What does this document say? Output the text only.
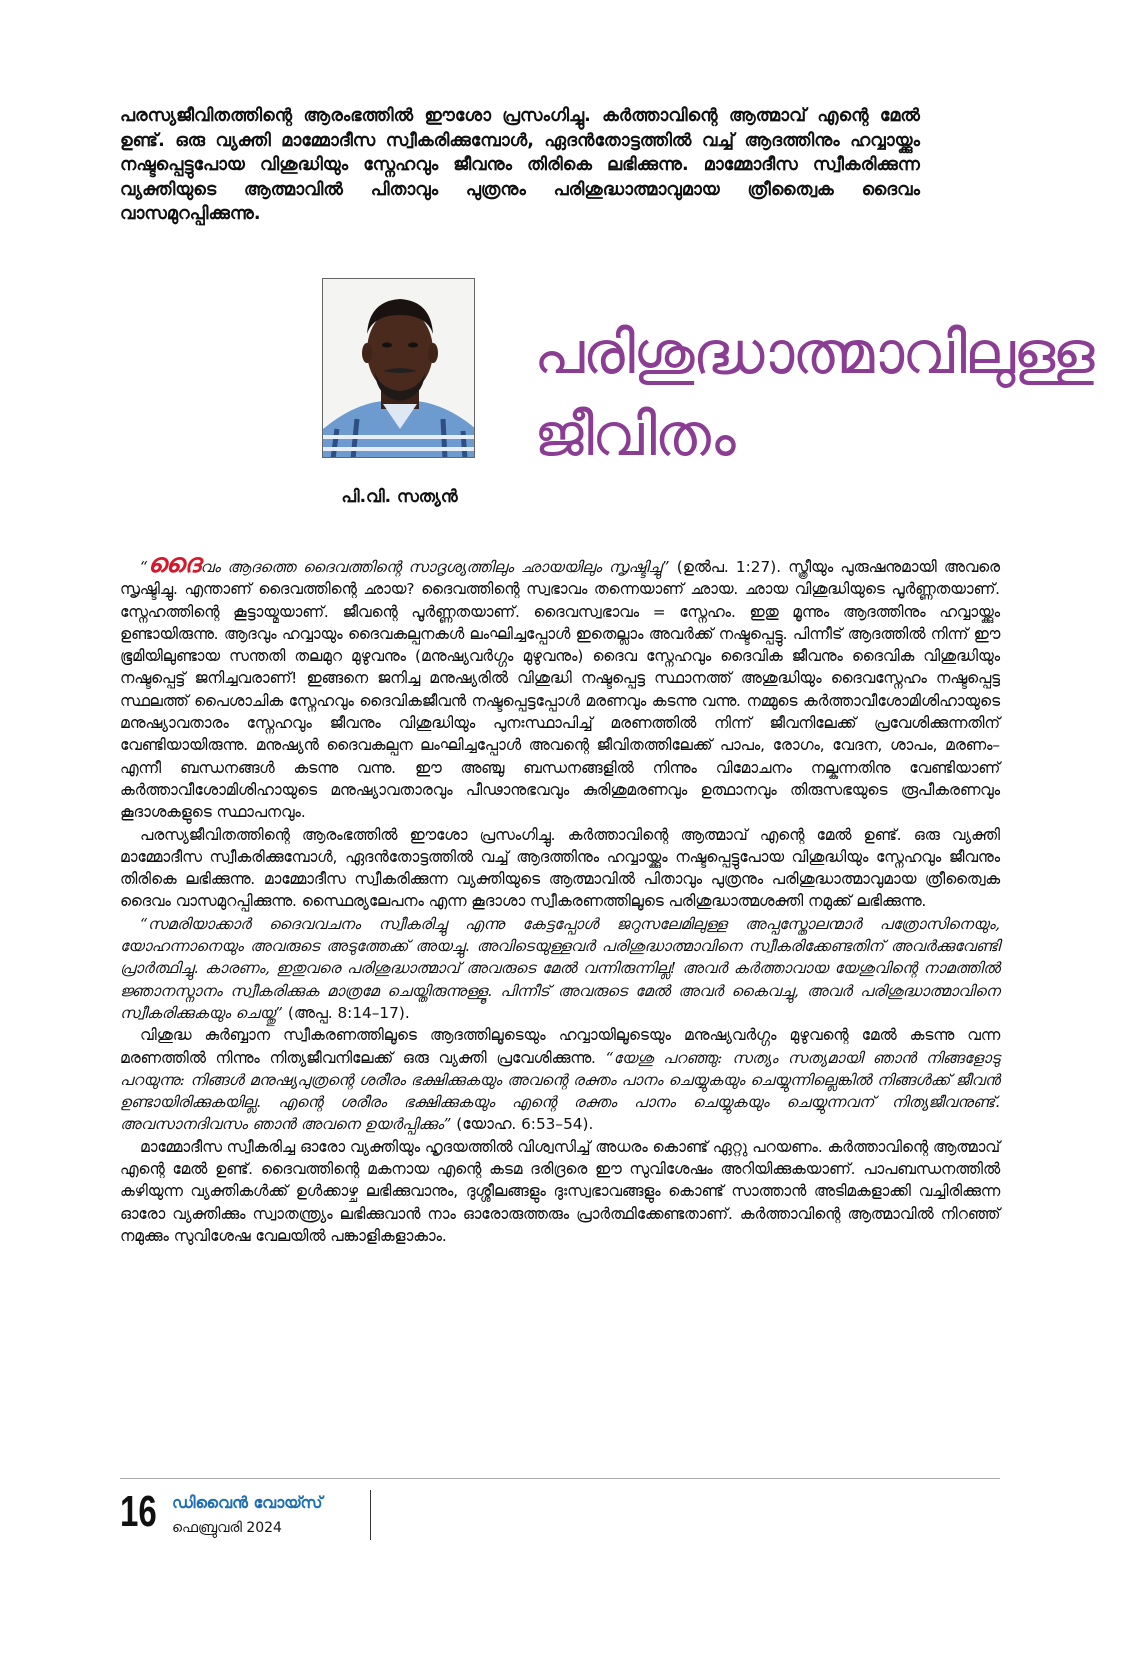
പരസ്യജീവിതത്തിന്റെ ആരംഭത്തിൽ ഈശോ പ്രസംഗിച്ചു. കർത്താവിന്റെ ആത്മാവ് എന്റെ മേൽ ഉണ്ട്. ഒരു വ്യക്തി മാമ്മോദീസ സ്വീകരിക്കുമ്പോൾ, ഏദൻതോട്ടത്തിൽ വച്ച് ആദത്തിനും ഹവ്വായ്ക്കും നഷ്ടപ്പെട്ടുപോയ വിശുദ്ധിയും സ്നേഹവും ജീവനും തിരികെ ലഭിക്കുന്നു. മാമ്മോദീസ സ്വീകരിക്കുന്ന വ്യക്തിയുടെ ആത്മാവിൽ പിതാവും പുത്രനും പരിശുദ്ധാത്മാവുമായ ത്രീത്വൈക ദൈവം വാസമുറപ്പിക്കുന്നു.

പി.വി. സത്യൻ
പരിശുദ്ധാത്മാവിലുള്ള
ജീവിതം

“ദൈവം ആദത്തെ ദൈവത്തിന്റെ സാദൃശ്യത്തിലും ഛായയിലും സൃഷ്ടിച്ചു” (ഉൽപ. 1:27). സ്ത്രീയും പുരുഷനുമായി അവരെ സൃഷ്ടിച്ചു. എന്താണ് ദൈവത്തിന്റെ ഛായ? ദൈവത്തിന്റെ സ്വഭാവം തന്നെയാണ് ഛായ. ഛായ വിശുദ്ധിയുടെ പൂർണ്ണതയാണ്. സ്നേഹത്തിന്റെ കൂട്ടായ്മയാണ്. ജീവന്റെ പൂർണ്ണതയാണ്. ദൈവസ്വഭാവം = സ്നേഹം. ഇതു മൂന്നും ആദത്തിനും ഹവ്വായ്ക്കും ഉണ്ടായിരുന്നു. ആദവും ഹവ്വായും ദൈവകല്പനകൾ ലംഘിച്ചപ്പോൾ ഇതെല്ലാം അവർക്ക് നഷ്ടപ്പെട്ടു. പിന്നീട് ആദത്തിൽ നിന്ന് ഈ ഭൂമിയിലുണ്ടായ സന്തതി തലമുറ മുഴുവനും (മനുഷ്യവർഗ്ഗം മുഴുവനും) ദൈവ സ്നേഹവും ദൈവിക ജീവനും ദൈവിക വിശുദ്ധിയും നഷ്ടപ്പെട്ട് ജനിച്ചവരാണ്! ഇങ്ങനെ ജനിച്ച മനുഷ്യരിൽ വിശുദ്ധി നഷ്ടപ്പെട്ട സ്ഥാനത്ത് അശുദ്ധിയും ദൈവസ്നേഹം നഷ്ടപ്പെട്ട സ്ഥലത്ത് പൈശാചിക സ്നേഹവും ദൈവികജീവൻ നഷ്ടപ്പെട്ടപ്പോൾ മരണവും കടന്നു വന്നു. നമ്മുടെ കർത്താവീശോമിശിഹായുടെ മനുഷ്യാവതാരം സ്നേഹവും ജീവനും വിശുദ്ധിയും പുനഃസ്ഥാപിച്ച് മരണത്തിൽ നിന്ന് ജീവനിലേക്ക് പ്രവേശിക്കുന്നതിന് വേണ്ടിയായിരുന്നു. മനുഷ്യൻ ദൈവകല്പന ലംഘിച്ചപ്പോൾ അവന്റെ ജീവിതത്തിലേക്ക് പാപം, രോഗം, വേദന, ശാപം, മരണം– എന്നീ ബന്ധനങ്ങൾ കടന്നു വന്നു. ഈ അഞ്ചു ബന്ധനങ്ങളിൽ നിന്നും വിമോചനം നല്കുന്നതിനു വേണ്ടിയാണ് കർത്താവീശോമിശിഹായുടെ മനുഷ്യാവതാരവും പീഢാനുഭവവും കുരിശുമരണവും ഉത്ഥാനവും തിരുസഭയുടെ രൂപീകരണവും കൂദാശകളുടെ സ്ഥാപനവും.

പരസ്യജീവിതത്തിന്റെ ആരംഭത്തിൽ ഈശോ പ്രസംഗിച്ചു. കർത്താവിന്റെ ആത്മാവ് എന്റെ മേൽ ഉണ്ട്. ഒരു വ്യക്തി മാമ്മോദീസ സ്വീകരിക്കുമ്പോൾ, ഏദൻതോട്ടത്തിൽ വച്ച് ആദത്തിനും ഹവ്വായ്ക്കും നഷ്ടപ്പെട്ടുപോയ വിശുദ്ധിയും സ്നേഹവും ജീവനും തിരികെ ലഭിക്കുന്നു. മാമ്മോദീസ സ്വീകരിക്കുന്ന വ്യക്തിയുടെ ആത്മാവിൽ പിതാവും പുത്രനും പരിശുദ്ധാത്മാവുമായ ത്രീത്വൈക ദൈവം വാസമുറപ്പിക്കുന്നു. സ്ഥൈര്യലേപനം എന്ന കൂദാശാ സ്വീകരണത്തിലൂടെ പരിശുദ്ധാത്മശക്തി നമുക്ക് ലഭിക്കുന്നു.

“സമരിയാക്കാർ ദൈവവചനം സ്വീകരിച്ചു എന്നു കേട്ടപ്പോൾ ജറുസലേമിലുള്ള അപ്പസ്തോലന്മാർ പത്രോസിനെയും, യോഹന്നാനെയും അവരുടെ അടുത്തേക്ക് അയച്ചു. അവിടെയുള്ളവർ പരിശുദ്ധാത്മാവിനെ സ്വീകരിക്കേണ്ടതിന് അവർക്കുവേണ്ടി പ്രാർത്ഥിച്ചു. കാരണം, ഇതുവരെ പരിശുദ്ധാത്മാവ് അവരുടെ മേൽ വന്നിരുന്നില്ല! അവർ കർത്താവായ യേശുവിന്റെ നാമത്തിൽ ജ്ഞാനസ്നാനം സ്വീകരിക്കുക മാത്രമേ ചെയ്തിരുന്നുള്ളൂ. പിന്നീട് അവരുടെ മേൽ അവർ കൈവച്ചു, അവർ പരിശുദ്ധാത്മാവിനെ സ്വീകരിക്കുകയും ചെയ്തു” (അപ്പ. 8:14–17).

വിശുദ്ധ കുർബ്ബാന സ്വീകരണത്തിലൂടെ ആദത്തിലൂടെയും ഹവ്വായിലൂടെയും മനുഷ്യവർഗ്ഗം മുഴുവന്റെ മേൽ കടന്നു വന്ന മരണത്തിൽ നിന്നും നിത്യജീവനിലേക്ക് ഒരു വ്യക്തി പ്രവേശിക്കുന്നു. “യേശു പറഞ്ഞു: സത്യം സത്യമായി ഞാൻ നിങ്ങളോടു പറയുന്നു: നിങ്ങൾ മനുഷ്യപുത്രന്റെ ശരീരം ഭക്ഷിക്കുകയും അവന്റെ രക്തം പാനം ചെയ്യുകയും ചെയ്യുന്നില്ലെങ്കിൽ നിങ്ങൾക്ക് ജീവൻ ഉണ്ടായിരിക്കുകയില്ല. എന്റെ ശരീരം ഭക്ഷിക്കുകയും എന്റെ രക്തം പാനം ചെയ്യുകയും ചെയ്യുന്നവന് നിത്യജീവനുണ്ട്. അവസാനദിവസം ഞാൻ അവനെ ഉയർപ്പിക്കും” (യോഹ. 6:53–54).

മാമ്മോദീസ സ്വീകരിച്ച ഓരോ വ്യക്തിയും ഹൃദയത്തിൽ വിശ്വസിച്ച് അധരം കൊണ്ട് ഏറ്റു പറയണം. കർത്താവിന്റെ ആത്മാവ് എന്റെ മേൽ ഉണ്ട്. ദൈവത്തിന്റെ മകനായ എന്റെ കടമ ദരിദ്രരെ ഈ സുവിശേഷം അറിയിക്കുകയാണ്. പാപബന്ധനത്തിൽ കഴിയുന്ന വ്യക്തികൾക്ക് ഉൾക്കാഴ്ച ലഭിക്കുവാനും, ദുശ്ശീലങ്ങളും ദുഃസ്വഭാവങ്ങളും കൊണ്ട് സാത്താൻ അടിമകളാക്കി വച്ചിരിക്കുന്ന ഓരോ വ്യക്തിക്കും സ്വാതന്ത്ര്യം ലഭിക്കുവാൻ നാം ഓരോരുത്തരും പ്രാർത്ഥിക്കേണ്ടതാണ്. കർത്താവിന്റെ ആത്മാവിൽ നിറഞ്ഞ് നമുക്കും സുവിശേഷ വേലയിൽ പങ്കാളികളാകാം.

16 ഡിവൈൻ വോയ്സ്
ഫെബ്രുവരി 2024
